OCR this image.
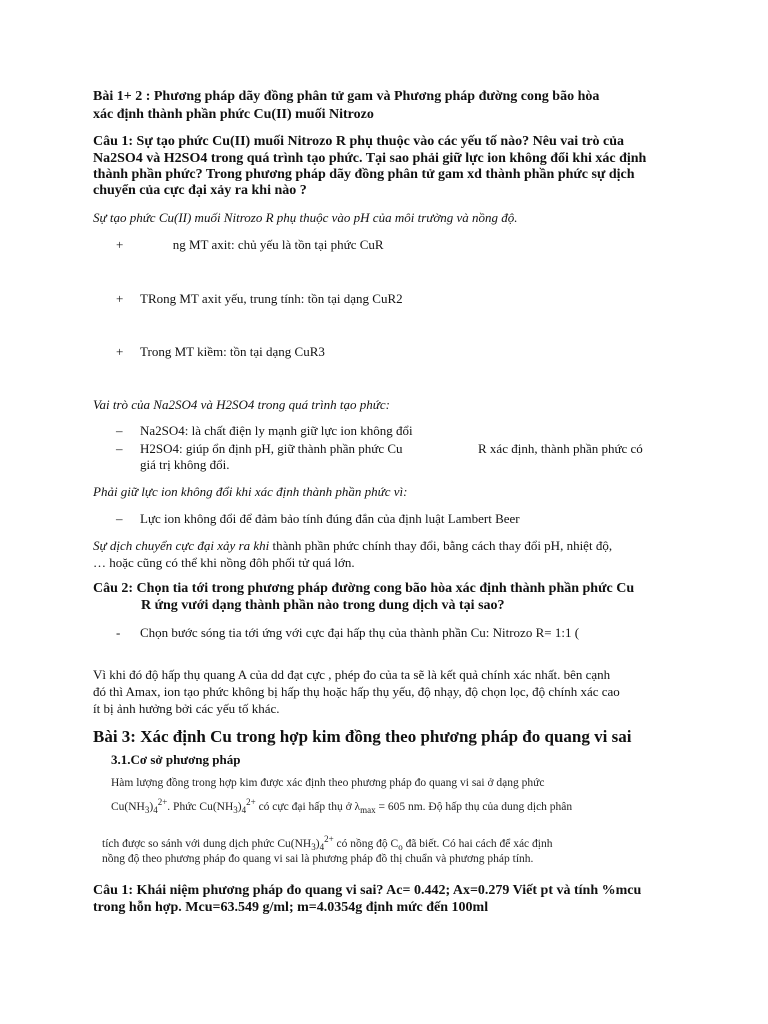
Bài 1+ 2 : Phương pháp dãy đồng phân tử gam và Phương pháp đường cong bão hòa
xác định thành phần phức Cu(II) muối Nitrozo
Câu 1: Sự tạo phức Cu(II) muối Nitrozo R phụ thuộc vào các yếu tố nào? Nêu vai trò của
Na2SO4 và H2SO4 trong quá trình tạo phức. Tại sao phải giữ lực ion không đổi khi xác định
thành phần phức? Trong phương pháp dãy đồng phân tử gam xd thành phần phức sự dịch
chuyển của cực đại xảy ra khi nào ?
Sự tạo phức Cu(II) muối Nitrozo R phụ thuộc vào pH của môi trường và nồng độ.
+       ng MT axit: chủ yếu là tồn tại phức CuR
+ TRong MT axit yếu, trung tính: tồn tại dạng CuR2
+ Trong MT kiềm: tồn tại dạng CuR3
Vai trò của Na2SO4 và H2SO4 trong quá trình tạo phức:
– Na2SO4: là chất điện ly mạnh giữ lực ion không đổi
– H2SO4: giúp ổn định pH, giữ thành phần phức Cu	R xác định, thành phần phức có
giá trị không đổi.
Phải giữ lực ion không đổi khi xác định thành phần phức vì:
– Lực ion không đổi để đảm bảo tính đúng đắn của định luật Lambert Beer
Sự dịch chuyển cực đại xảy ra khi thành phần phức chính thay đổi, bằng cách thay đổi pH, nhiệt độ,
… hoặc cũng có thể khi nồng đôh phối tử quá lớn.
Câu 2: Chọn tia tới trong phương pháp đường cong bão hòa xác định thành phần phức Cu
R ứng vưới dạng thành phần nào trong dung dịch và tại sao?
- Chọn bước sóng tia tới ứng với cực đại hấp thụ của thành phần Cu: Nitrozo R= 1:1 (
Vì khi đó độ hấp thụ quang A của dd đạt cực , phép đo của ta sẽ là kết quả chính xác nhất. bên cạnh
đó thì Amax, ion tạo phức không bị hấp thụ hoặc hấp thụ yếu, độ nhạy, độ chọn lọc, độ chính xác cao
ít bị ảnh hưởng bởi các yếu tố khác.
Bài 3: Xác định Cu trong hợp kim đồng theo phương pháp đo quang vi sai
3.1.Cơ sở phương pháp
Hàm lượng đồng trong hợp kim được xác định theo phương pháp đo quang vi sai ở dạng phức
$Cu(NH_3)_4^{2+}$. Phức $Cu(NH_3)_4^{2+}$ có cực đại hấp thụ ở $\lambda_{max} = 605$ nm. Độ hấp thụ của dung dịch phân
tích được so sánh với dung dịch phức $Cu(NH_3)_4^{2+}$ có nồng độ $C_o$ đã biết. Có hai cách để xác định
nồng độ theo phương pháp đo quang vi sai là phương pháp đồ thị chuẩn và phương pháp tính.
Câu 1: Khái niệm phương pháp đo quang vi sai? Ac= 0.442; Ax=0.279 Viết pt và tính %mcu
trong hỗn hợp. Mcu=63.549 g/ml; m=4.0354g định mức đến 100ml
